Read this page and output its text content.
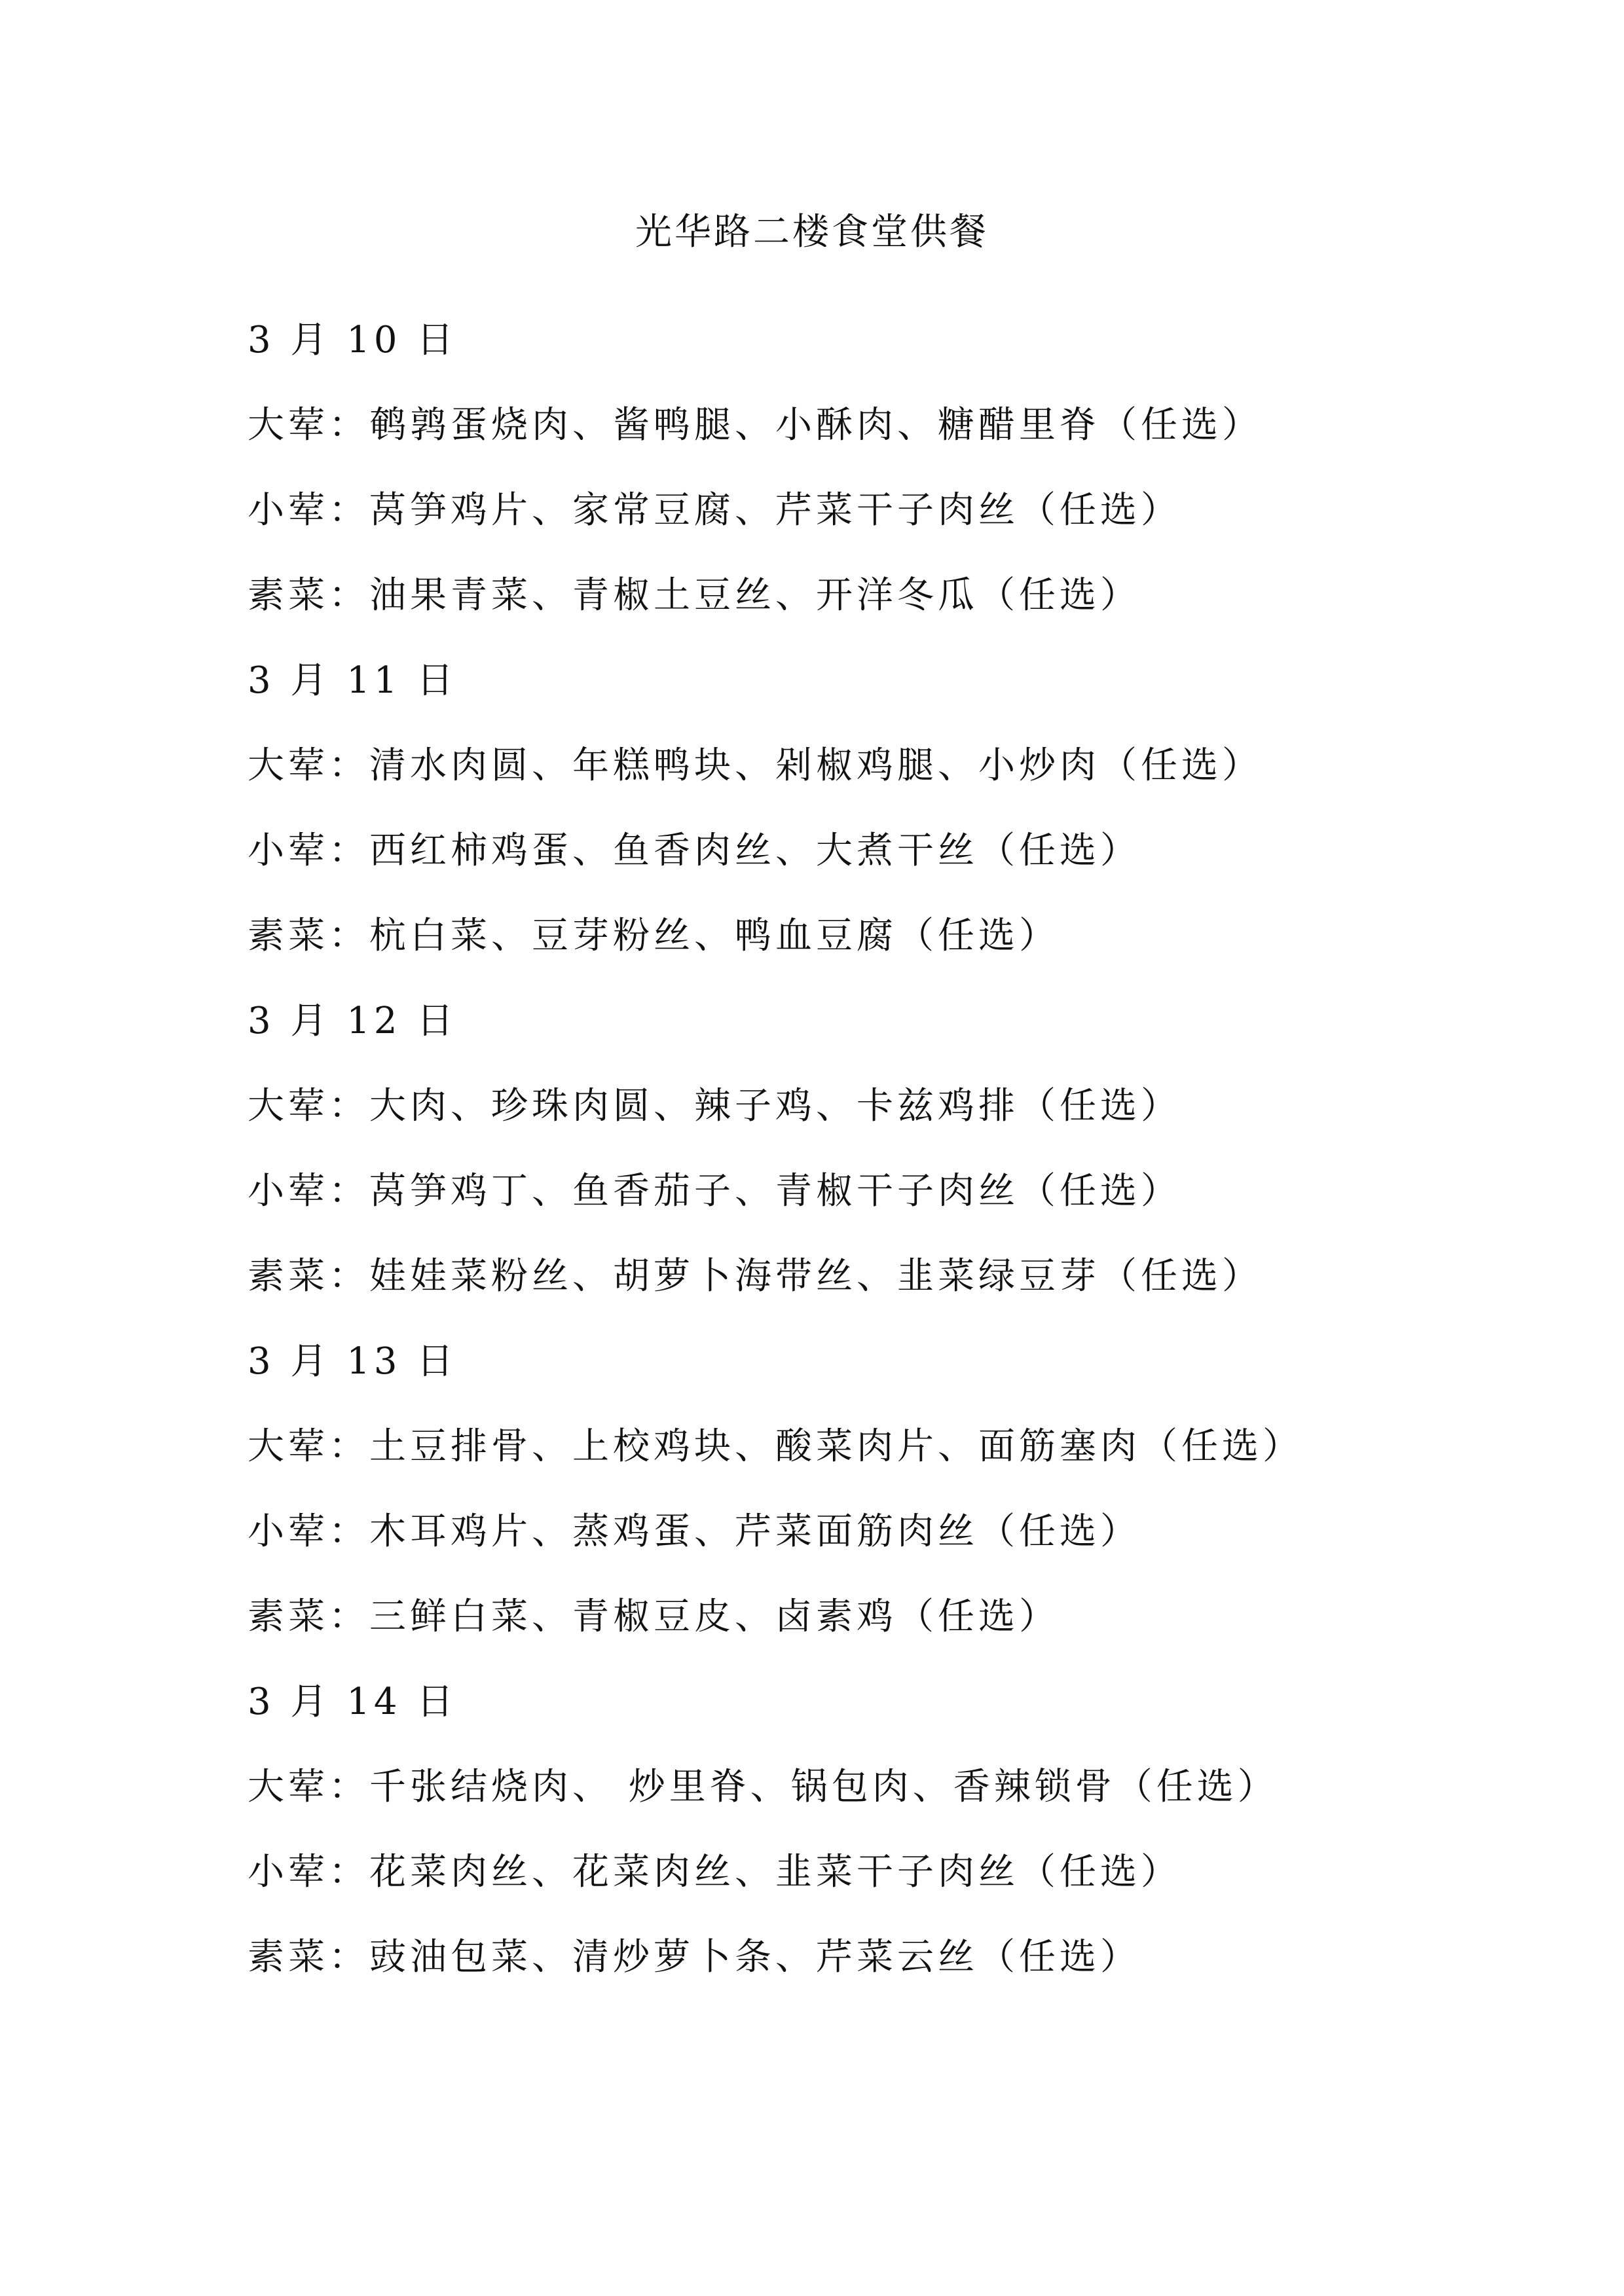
光华路二楼食堂供餐
3 月 10 日
大荤：鹌鹑蛋烧肉、酱鸭腿、小酥肉、糖醋里脊（任选）
小荤：莴笋鸡片、家常豆腐、芹菜干子肉丝（任选）
素菜：油果青菜、青椒土豆丝、开洋冬瓜（任选）
3 月 11 日
大荤：清水肉圆、年糕鸭块、剁椒鸡腿、小炒肉（任选）
小荤：西红柿鸡蛋、鱼香肉丝、大煮干丝（任选）
素菜：杭白菜、豆芽粉丝、鸭血豆腐（任选）
3 月 12 日
大荤：大肉、珍珠肉圆、辣子鸡、卡兹鸡排（任选）
小荤：莴笋鸡丁、鱼香茄子、青椒干子肉丝（任选）
素菜：娃娃菜粉丝、胡萝卜海带丝、韭菜绿豆芽（任选）
3 月 13 日
大荤：土豆排骨、上校鸡块、酸菜肉片、面筋塞肉（任选）
小荤：木耳鸡片、蒸鸡蛋、芹菜面筋肉丝（任选）
素菜：三鲜白菜、青椒豆皮、卤素鸡（任选）
3 月 14 日
大荤：千张结烧肉、 炒里脊、锅包肉、香辣锁骨（任选）
小荤：花菜肉丝、花菜肉丝、韭菜干子肉丝（任选）
素菜：豉油包菜、清炒萝卜条、芹菜云丝（任选）
